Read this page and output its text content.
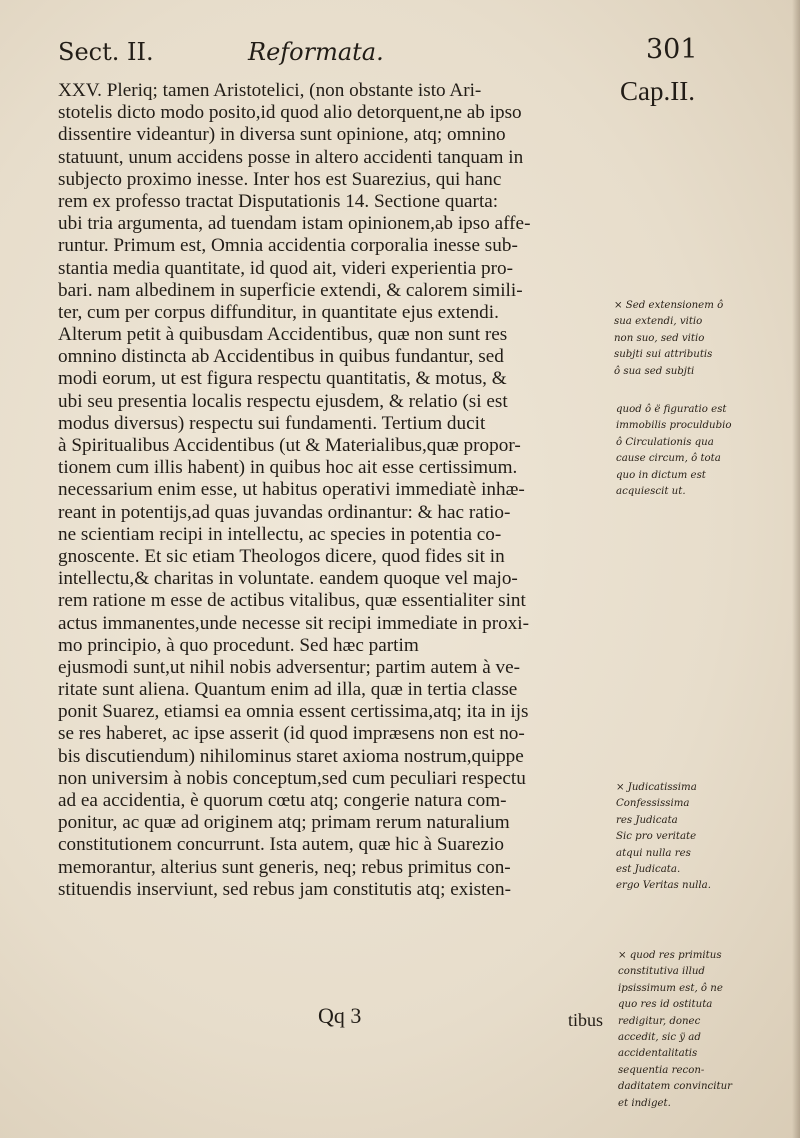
Sect. II.	Reformata.	301
Cap.II.
XXV. Pleriq; tamen Aristotelici, (non obstante isto Ari-
stotelis dicto modo posito,id quod alio detorquent,ne ab ipso
dissentire videantur) in diversa sunt opinione, atq; omnino
statuunt, unum accidens posse in altero accidenti tanquam in
subjecto proximo inesse. Inter hos est Suarezius, qui hanc
rem ex professo tractat Disputationis 14. Sectione quarta:
ubi tria argumenta, ad tuendam istam opinionem,ab ipso affe-
runtur. Primum est, Omnia accidentia corporalia inesse sub-
stantia media quantitate, id quod ait, videri experientia pro-
bari. nam albedinem in superficie extendi, & calorem simili-
ter, cum per corpus diffunditur, in quantitate ejus extendi.
Alterum petit à quibusdam Accidentibus, quæ non sunt res
omnino distincta ab Accidentibus in quibus fundantur, sed
modi eorum, ut est figura respectu quantitatis, & motus, &
ubi seu presentia localis respectu ejusdem, & relatio (si est
modus diversus) respectu sui fundamenti. Tertium ducit
à Spiritualibus Accidentibus (ut & Materialibus,quæ propor-
tionem cum illis habent) in quibus hoc ait esse certissimum.
necessarium enim esse, ut habitus operativi immediatè inhæ-
reant in potentijs,ad quas juvandas ordinantur: & hac ratio-
ne scientiam recipi in intellectu, ac species in potentia co-
gnoscente. Et sic etiam Theologos dicere, quod fides sit in
intellectu,& charitas in voluntate. eandem quoque vel majo-
rem ratione m esse de actibus vitalibus, quæ essentialiter sint
actus immanentes,unde necesse sit recipi immediate in proxi-
mo principio, à quo procedunt. Sed hæc partim
ejusmodi sunt,ut nihil nobis adversentur; partim autem à ve-
ritate sunt aliena. Quantum enim ad illa, quæ in tertia classe
ponit Suarez, etiamsi ea omnia essent certissima,atq; ita in ijs
se res haberet, ac ipse asserit (id quod impræsens non est no-
bis discutiendum) nihilominus staret axioma nostrum,quippe
non universim à nobis conceptum,sed cum peculiari respectu
ad ea accidentia, è quorum cœtu atq; congerie natura com-
ponitur, ac quæ ad originem atq; primam rerum naturalium
constitutionem concurrunt. Ista autem, quæ hic à Suarezio
memorantur, alterius sunt generis, neq; rebus primitus con-
stituendis inserviunt, sed rebus jam constitutis atq; existen-
Qq 3	tibus
× Sed extensionem ô
sua extendi, vitio
non suo, sed vitio
subjti sui attributis
ô sua sed subjti
quod ô ë figuratio est
immobilis proculdubio
ô Circulationis qua
cause circum, ô tota
quo in dictum est
acquiescit ut.
× Judicatissima
Confessissima
res Judicata
Sic pro veritate
atqui nulla res
est Judicata.
ergo Veritas nulla.
× quod res primitus
constitutiva illud
ipsissimum est, ô ne
quo res id ostituta
redigitur, donec
accedit, sic ÿ ad
accidentalitatis
sequentia recon-
daditatem convincitur
et indiget.
